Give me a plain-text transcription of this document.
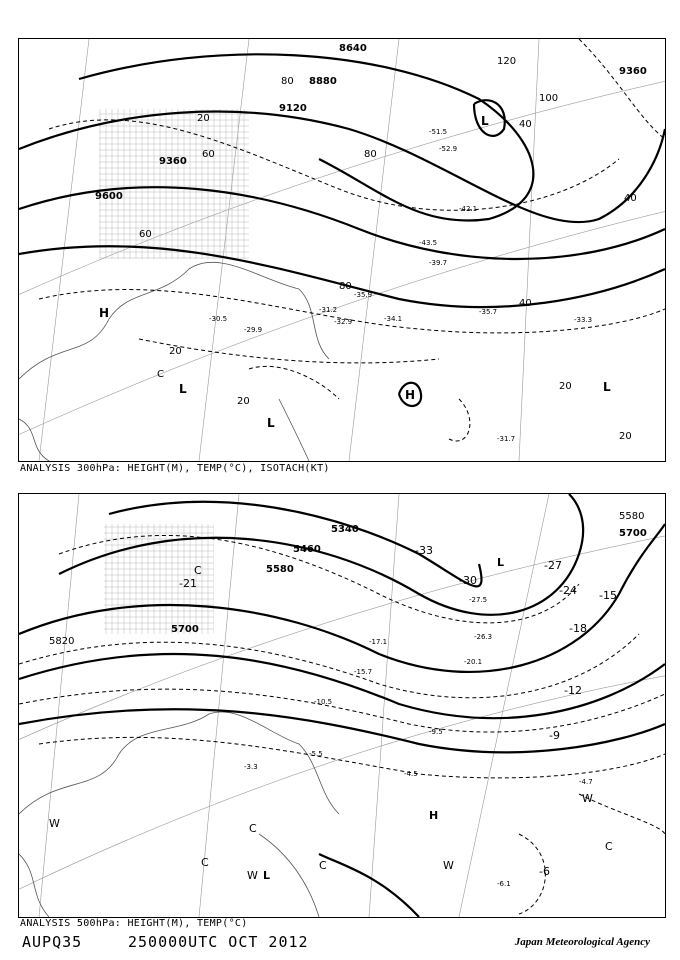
8640
8880
9120
9360
9600
9360
120
100
80
80
80
60
60
40
40
40
20
20
20
20
20
-51.5
-52.9
-42.1
-43.5
-39.7
-35.9
-34.1
-32.9
-31.2
-30.5
-29.9
-33.3
-35.7
-31.7
L
H
L	H
C
L
L
ANALYSIS 300hPa: HEIGHT(M), TEMP(°C), ISOTACH(KT)
5340
5460
5580
5700
5820
5580
5700
-33
-30
-27
-24
-21
-18
-15
-12
-9
-6
-27.5
-26.3
-20.1
-17.1
-15.7
-10.5
-9.5
-5.5
-4.5
-3.3
-6.1
-4.7
L
C
W	C
C
W L
C
H
W
C
W
ANALYSIS 500hPa: HEIGHT(M), TEMP(°C)
AUPQ35	250000UTC OCT 2012	Japan Meteorological Agency
